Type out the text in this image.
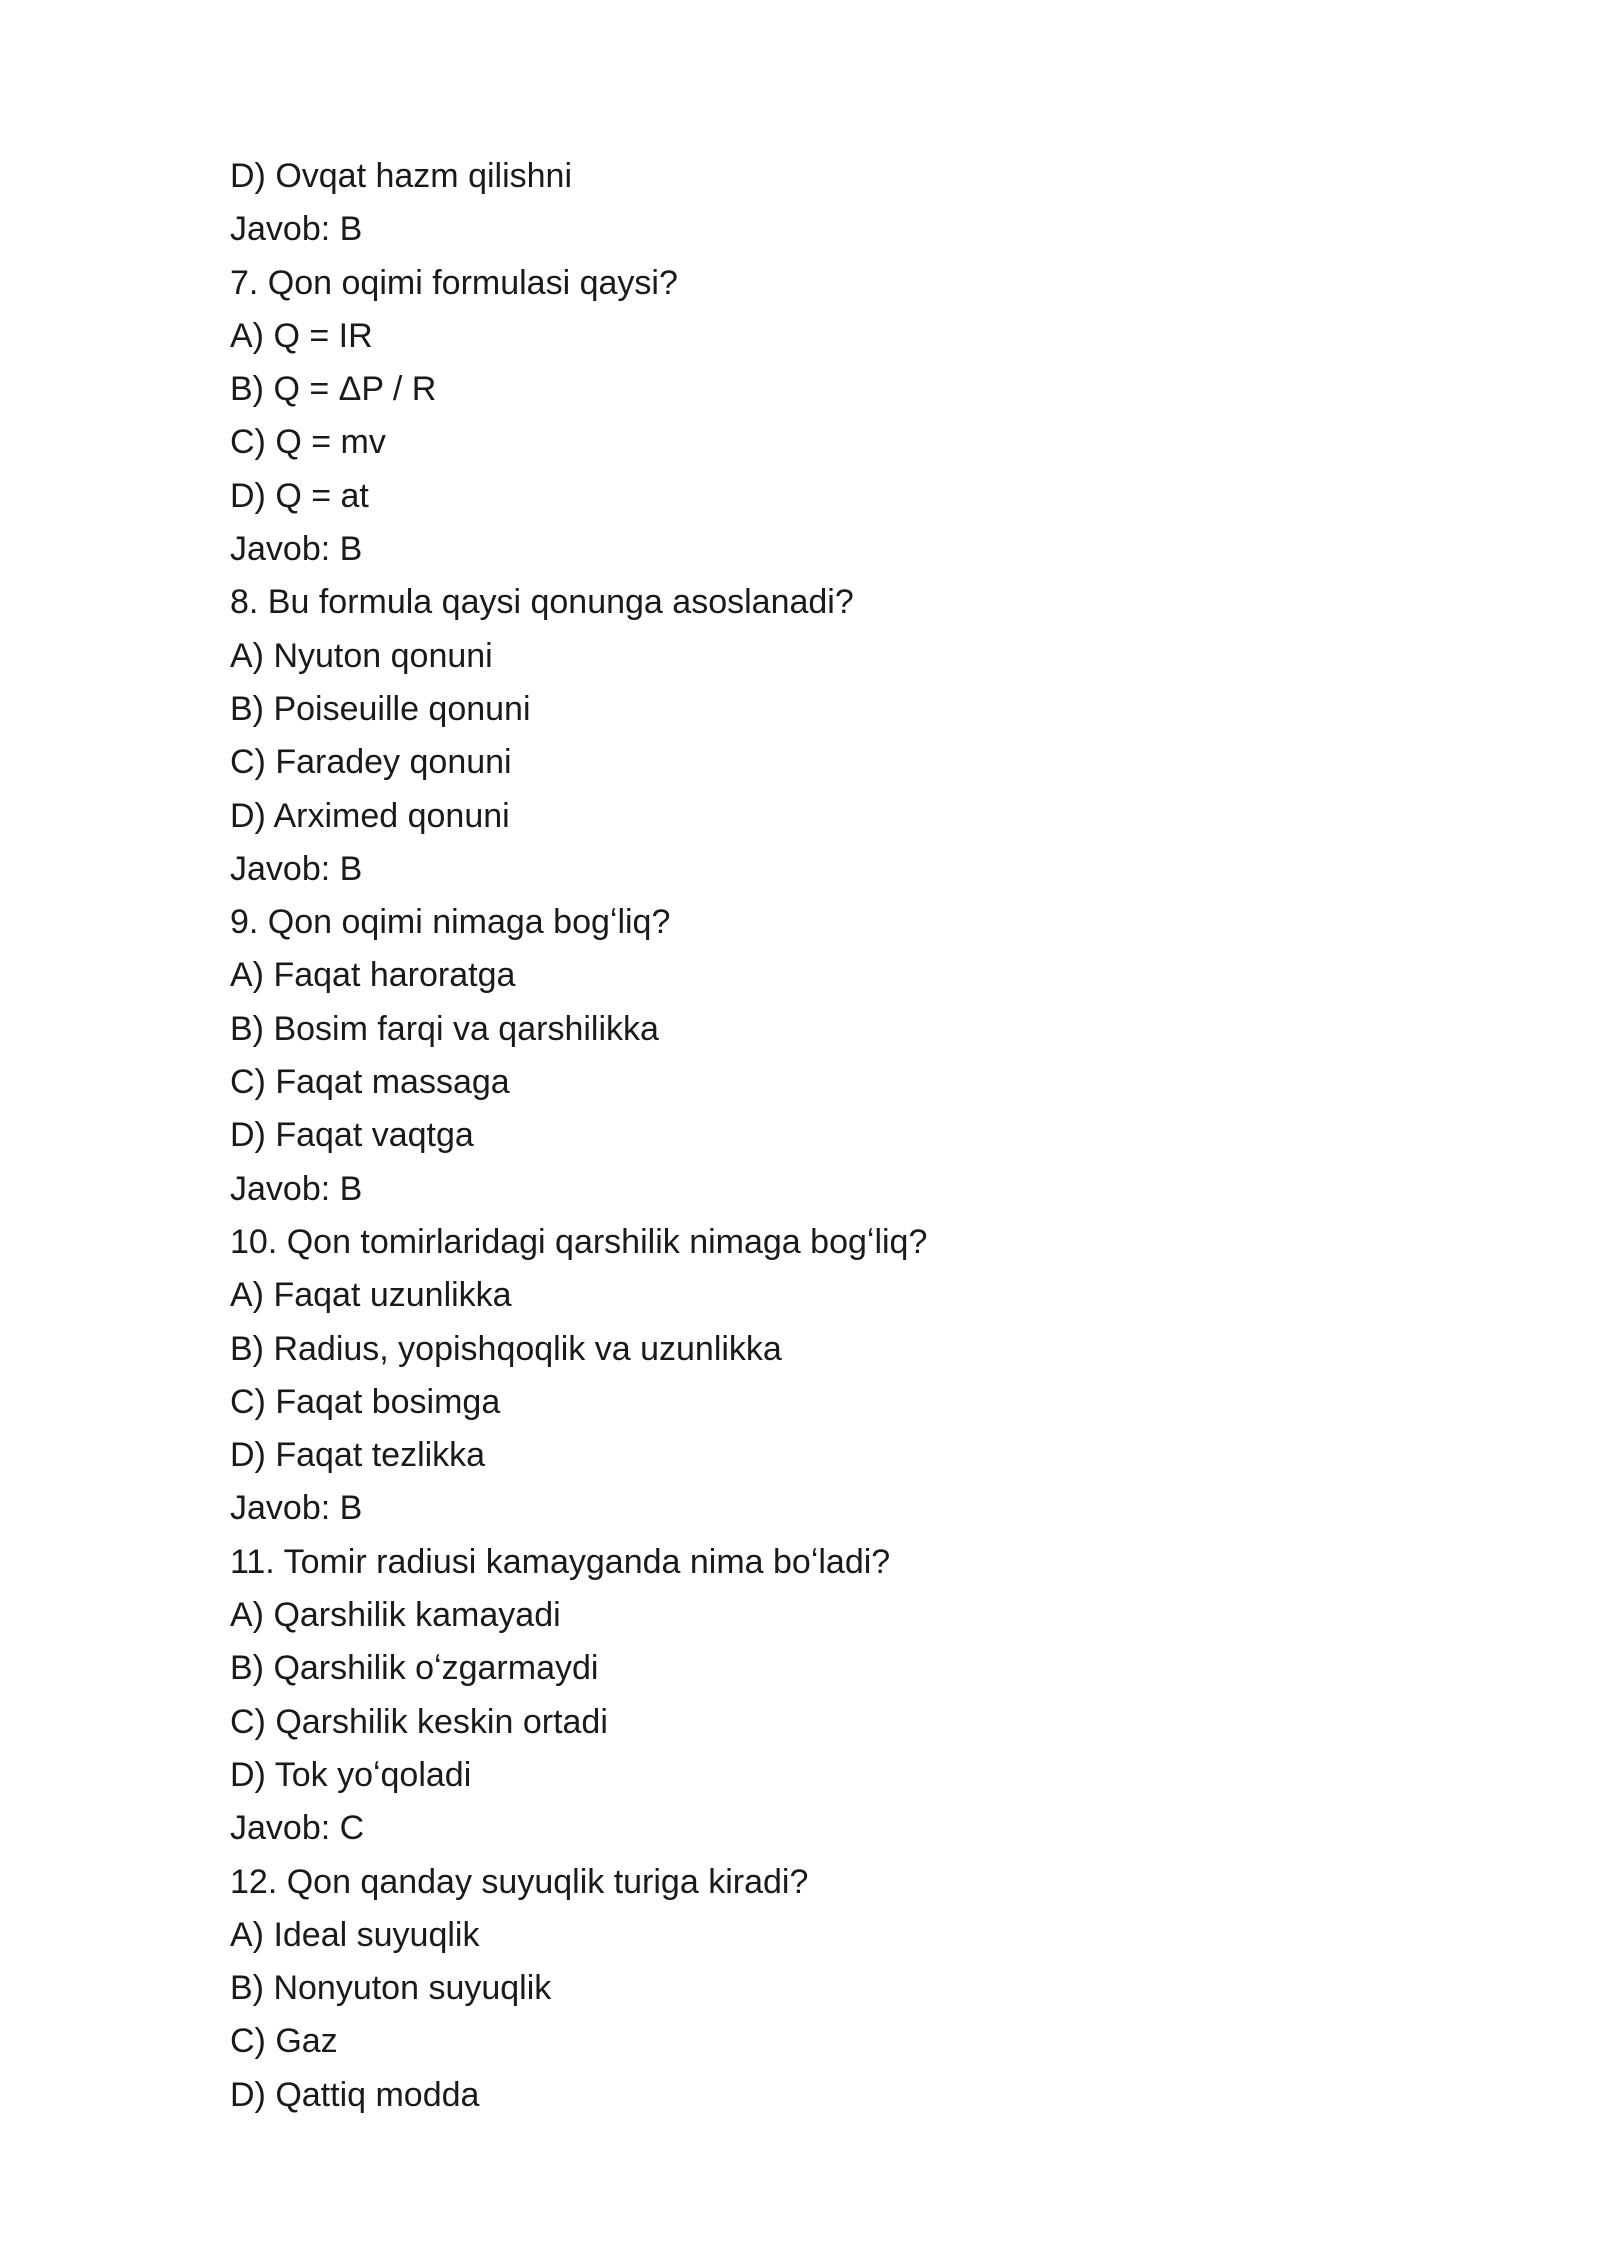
D) Ovqat hazm qilishni

Javob: B

7. Qon oqimi formulasi qaysi?

A) Q = IR

B) Q = ΔP / R

C) Q = mv

D) Q = at

Javob: B

8. Bu formula qaysi qonunga asoslanadi?

A) Nyuton qonuni

B) Poiseuille qonuni

C) Faradey qonuni

D) Arximed qonuni

Javob: B

9. Qon oqimi nimaga bogʻliq?

A) Faqat haroratga

B) Bosim farqi va qarshilikka

C) Faqat massaga

D) Faqat vaqtga

Javob: B

10. Qon tomirlaridagi qarshilik nimaga bogʻliq?

A) Faqat uzunlikka

B) Radius, yopishqoqlik va uzunlikka

C) Faqat bosimga

D) Faqat tezlikka

Javob: B

11. Tomir radiusi kamayganda nima boʻladi?

A) Qarshilik kamayadi

B) Qarshilik oʻzgarmaydi

C) Qarshilik keskin ortadi

D) Tok yoʻqoladi

Javob: C

12. Qon qanday suyuqlik turiga kiradi?

A) Ideal suyuqlik

B) Nonyuton suyuqlik

C) Gaz

D) Qattiq modda
